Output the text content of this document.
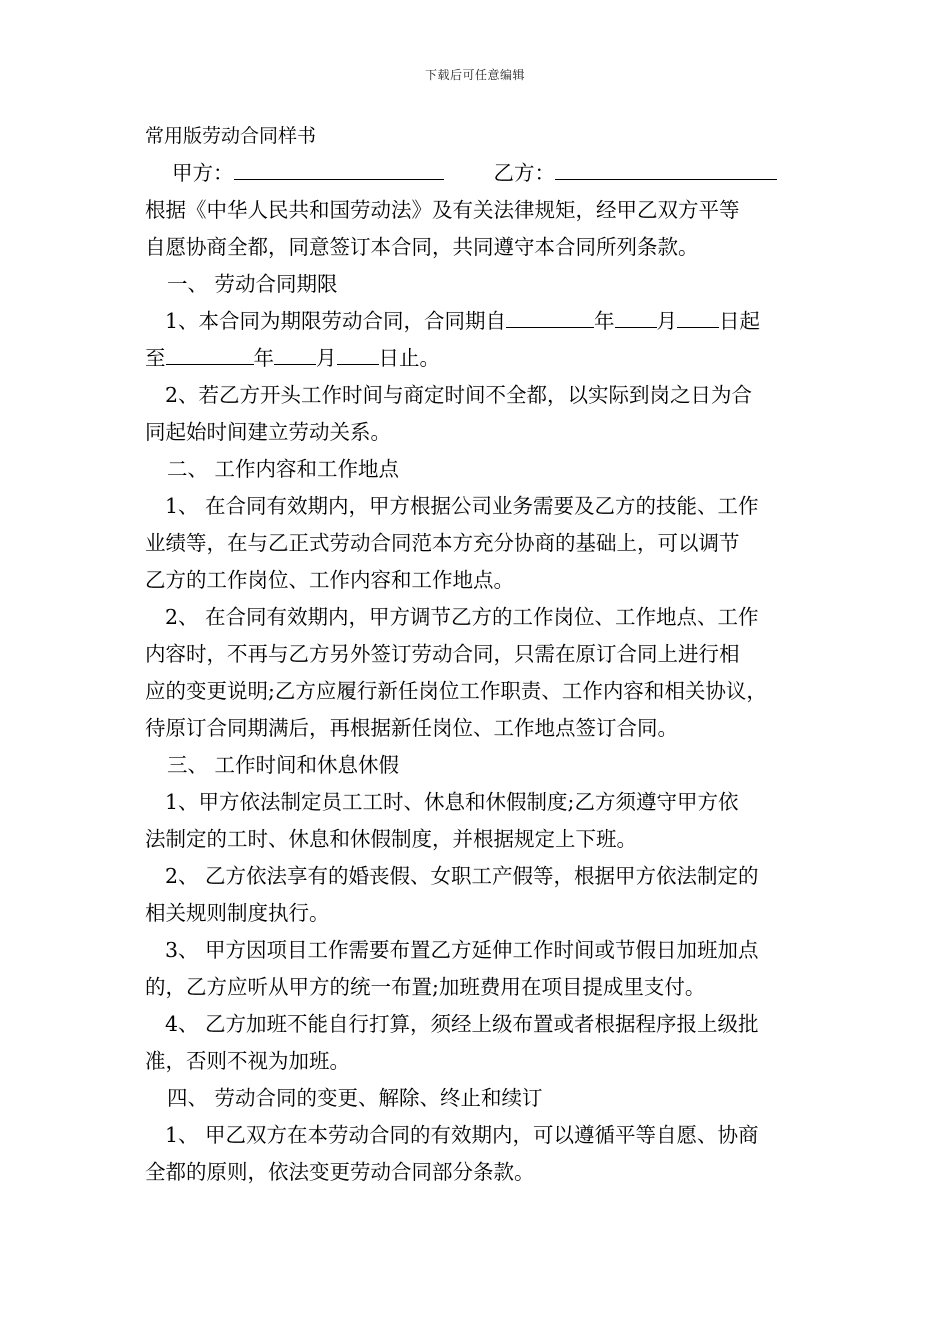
下载后可任意编辑
常用版劳动合同样书
甲方：	乙方：
根据《中华人民共和国劳动法》及有关法律规矩，经甲乙双方平等
自愿协商全都，同意签订本合同，共同遵守本合同所列条款。
一、 劳动合同期限
1、本合同为期限劳动合同，合同期自	年 月 日起
至	年 月 日止。
2、若乙方开头工作时间与商定时间不全都，以实际到岗之日为合
同起始时间建立劳动关系。
二、 工作内容和工作地点
1、 在合同有效期内，甲方根据公司业务需要及乙方的技能、工作
业绩等，在与乙正式劳动合同范本方充分协商的基础上，可以调节
乙方的工作岗位、工作内容和工作地点。
2、 在合同有效期内，甲方调节乙方的工作岗位、工作地点、工作
内容时，不再与乙方另外签订劳动合同，只需在原订合同上进行相
应的变更说明;乙方应履行新任岗位工作职责、工作内容和相关协议，
待原订合同期满后，再根据新任岗位、工作地点签订合同。
三、 工作时间和休息休假
1、甲方依法制定员工工时、休息和休假制度;乙方须遵守甲方依
法制定的工时、休息和休假制度，并根据规定上下班。
2、 乙方依法享有的婚丧假、女职工产假等，根据甲方依法制定的
相关规则制度执行。
3、 甲方因项目工作需要布置乙方延伸工作时间或节假日加班加点
的，乙方应听从甲方的统一布置;加班费用在项目提成里支付。
4、 乙方加班不能自行打算，须经上级布置或者根据程序报上级批
准，否则不视为加班。
四、 劳动合同的变更、解除、终止和续订
1、 甲乙双方在本劳动合同的有效期内，可以遵循平等自愿、协商
全都的原则，依法变更劳动合同部分条款。
